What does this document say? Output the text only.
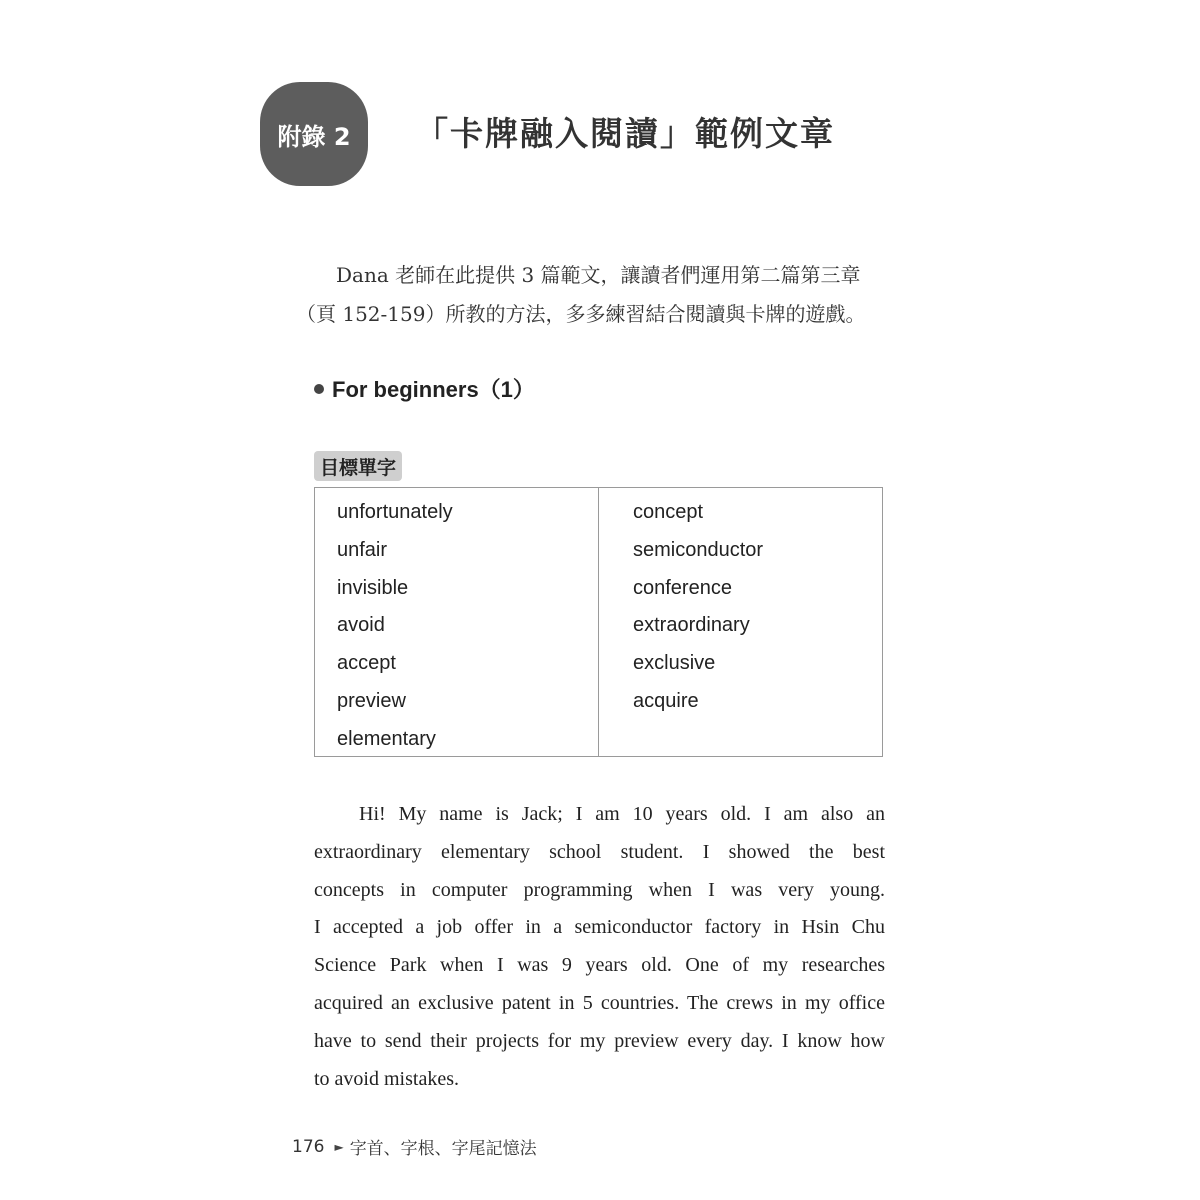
附錄 2 「卡牌融入閱讀」範例文章

Dana 老師在此提供 3 篇範文，讓讀者們運用第二篇第三章

（頁 152-159）所教的方法，多多練習結合閱讀與卡牌的遊戲。

For beginners（1）
目標單字
unfortunately
unfair
invisible
avoid
accept
preview
elementary
concept
semiconductor
conference
extraordinary
exclusive
acquire
Hi! My name is Jack; I am 10 years old. I am also an
extraordinary elementary school student. I showed the best
concepts in computer programming when I was very young.
I accepted a job offer in a semiconductor factory in Hsin Chu
Science Park when I was 9 years old. One of my researches
acquired an exclusive patent in 5 countries. The crews in my office
have to send their projects for my preview every day. I know how
to avoid mistakes.
176 ► 字首、字根、字尾記憶法
